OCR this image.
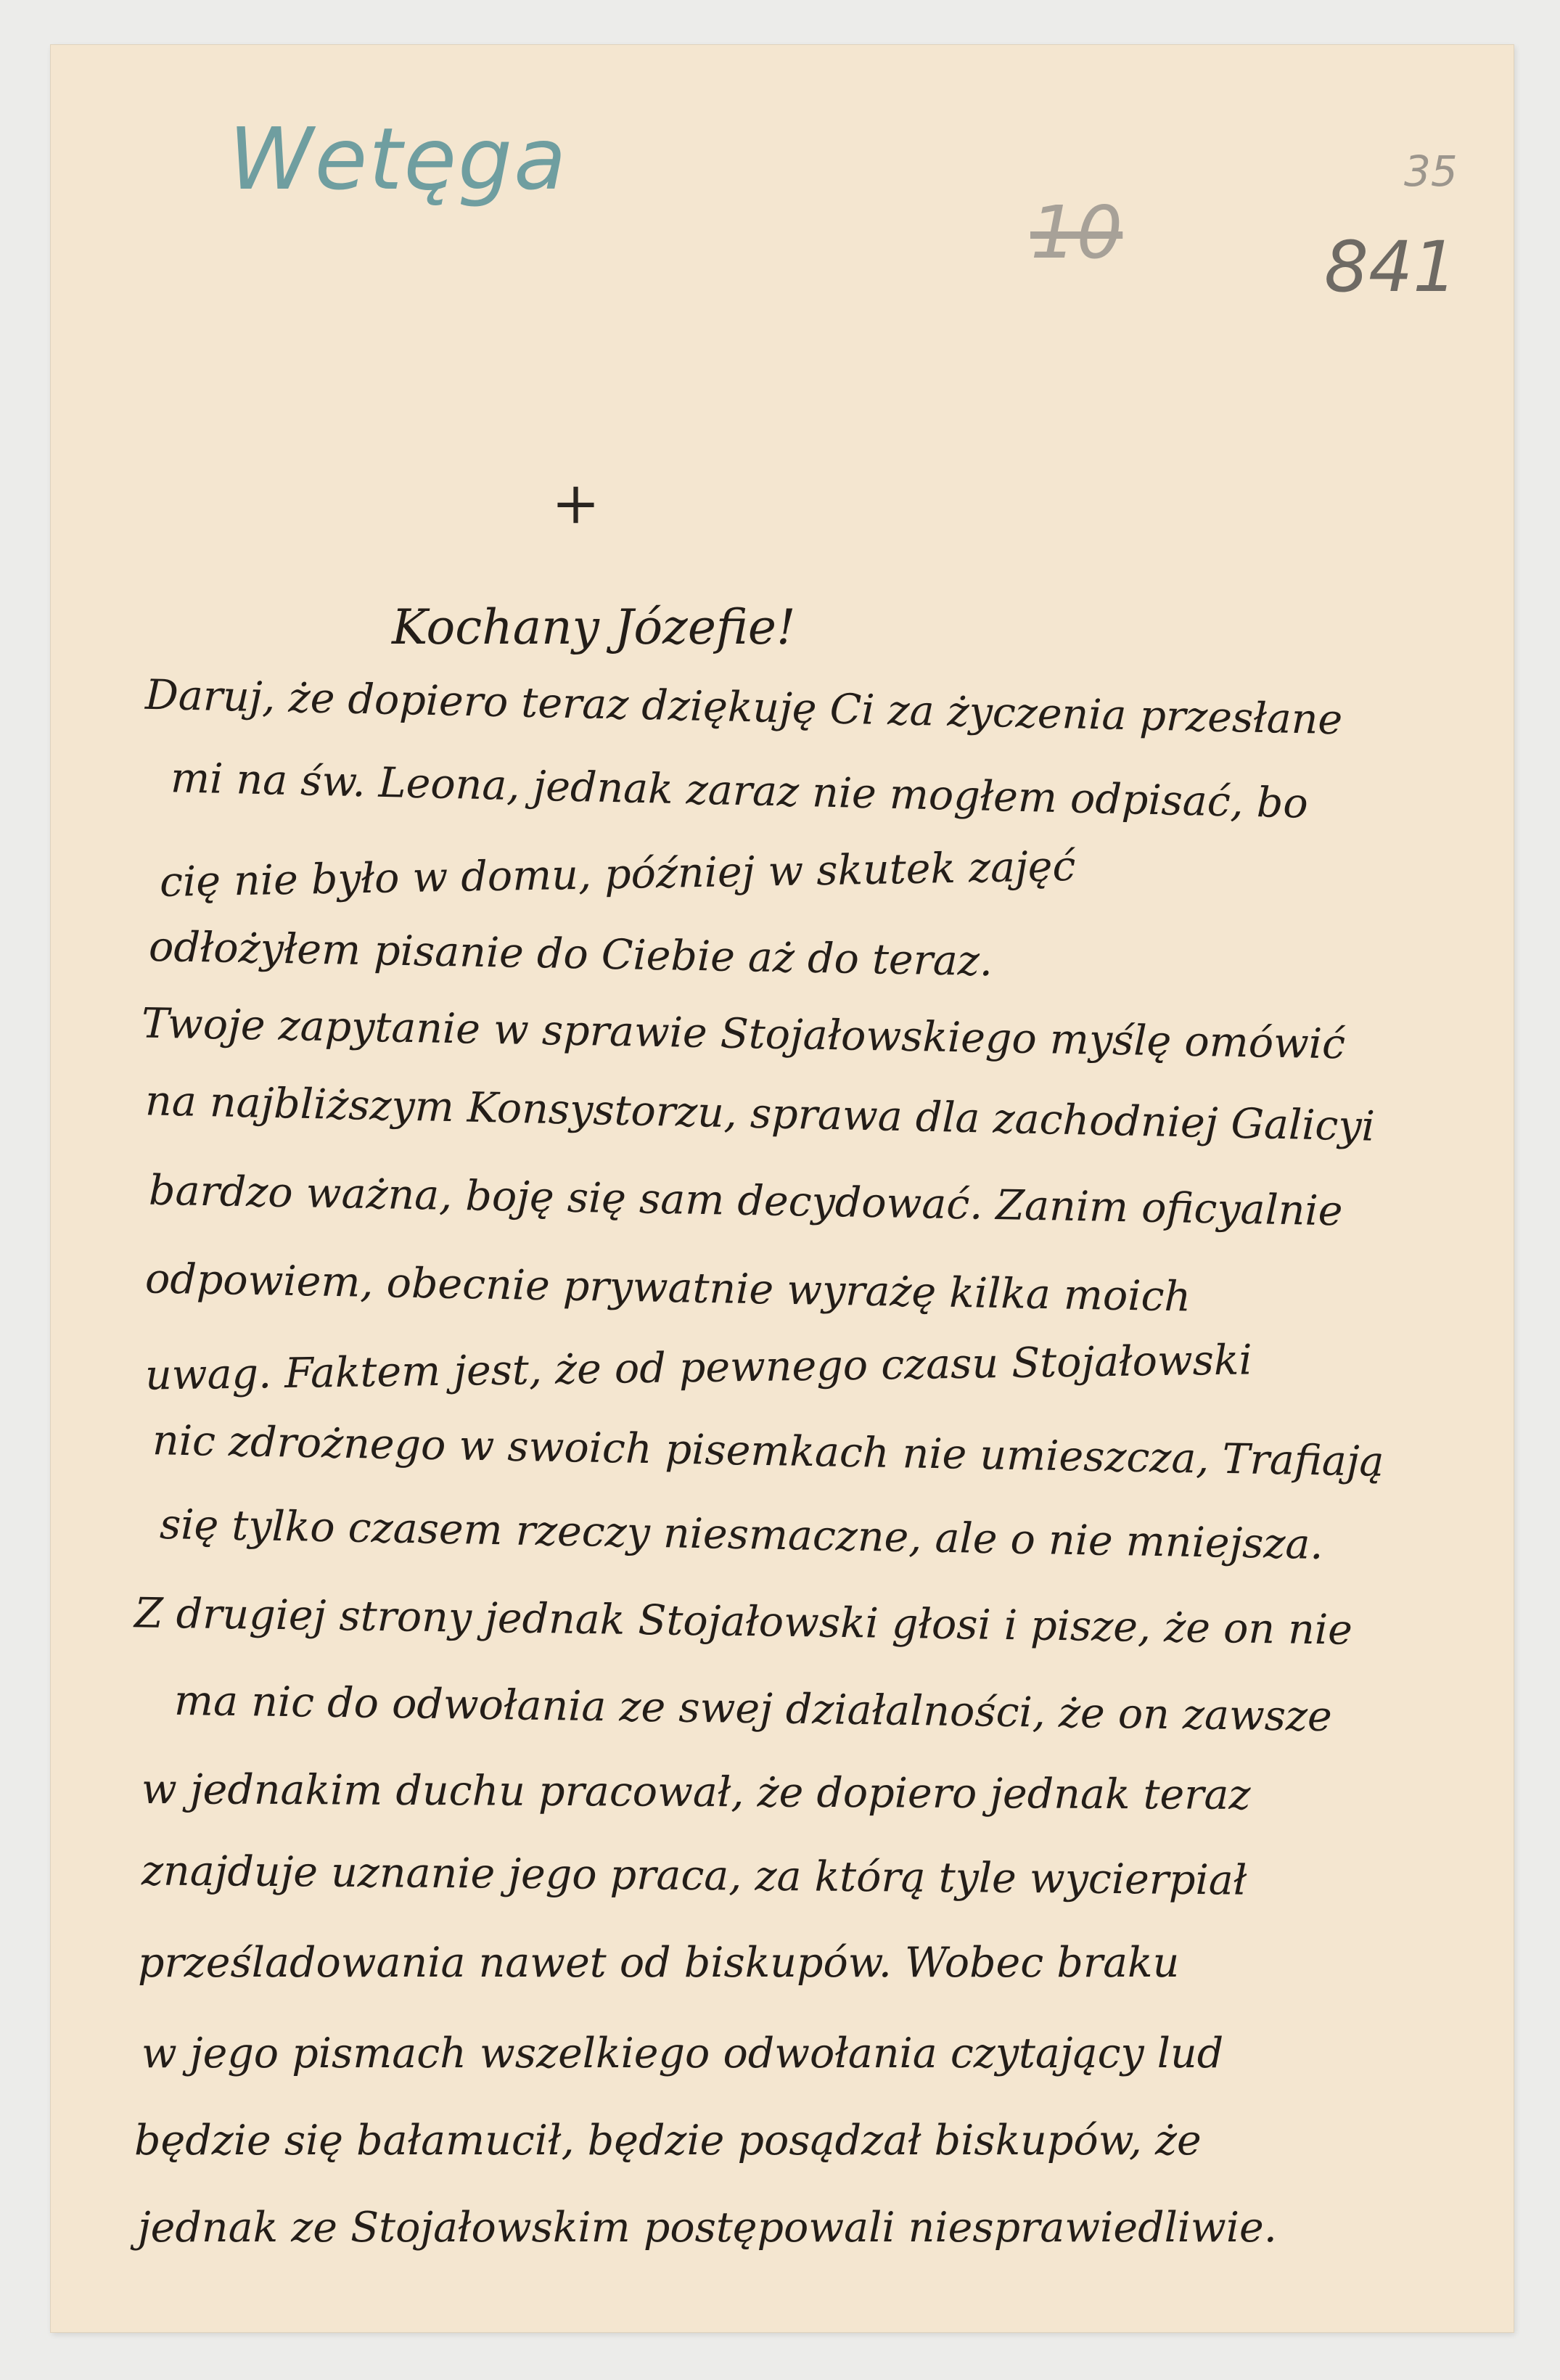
Wetęga
10
35
841
+
Kochany Józefie!
Daruj, że dopiero teraz dziękuję Ci za życzenia przesłane
mi na św. Leona, jednak zaraz nie mogłem odpisać, bo
cię nie było w domu, później w skutek zajęć
odłożyłem pisanie do Ciebie aż do teraz.
Twoje zapytanie w sprawie Stojałowskiego myślę omówić
na najbliższym Konsystorzu, sprawa dla zachodniej Galicyi
bardzo ważna, boję się sam decydować. Zanim oficyalnie
odpowiem, obecnie prywatnie wyrażę kilka moich
uwag. Faktem jest, że od pewnego czasu Stojałowski
nic zdrożnego w swoich pisemkach nie umieszcza, Trafiają
się tylko czasem rzeczy niesmaczne, ale o nie mniejsza.
Z drugiej strony jednak Stojałowski głosi i pisze, że on nie
ma nic do odwołania ze swej działalności, że on zawsze
w jednakim duchu pracował, że dopiero jednak teraz
znajduje uznanie jego praca, za którą tyle wycierpiał
prześladowania nawet od biskupów. Wobec braku
w jego pismach wszelkiego odwołania czytający lud
będzie się bałamucił, będzie posądzał biskupów, że
jednak ze Stojałowskim postępowali niesprawiedliwie.
